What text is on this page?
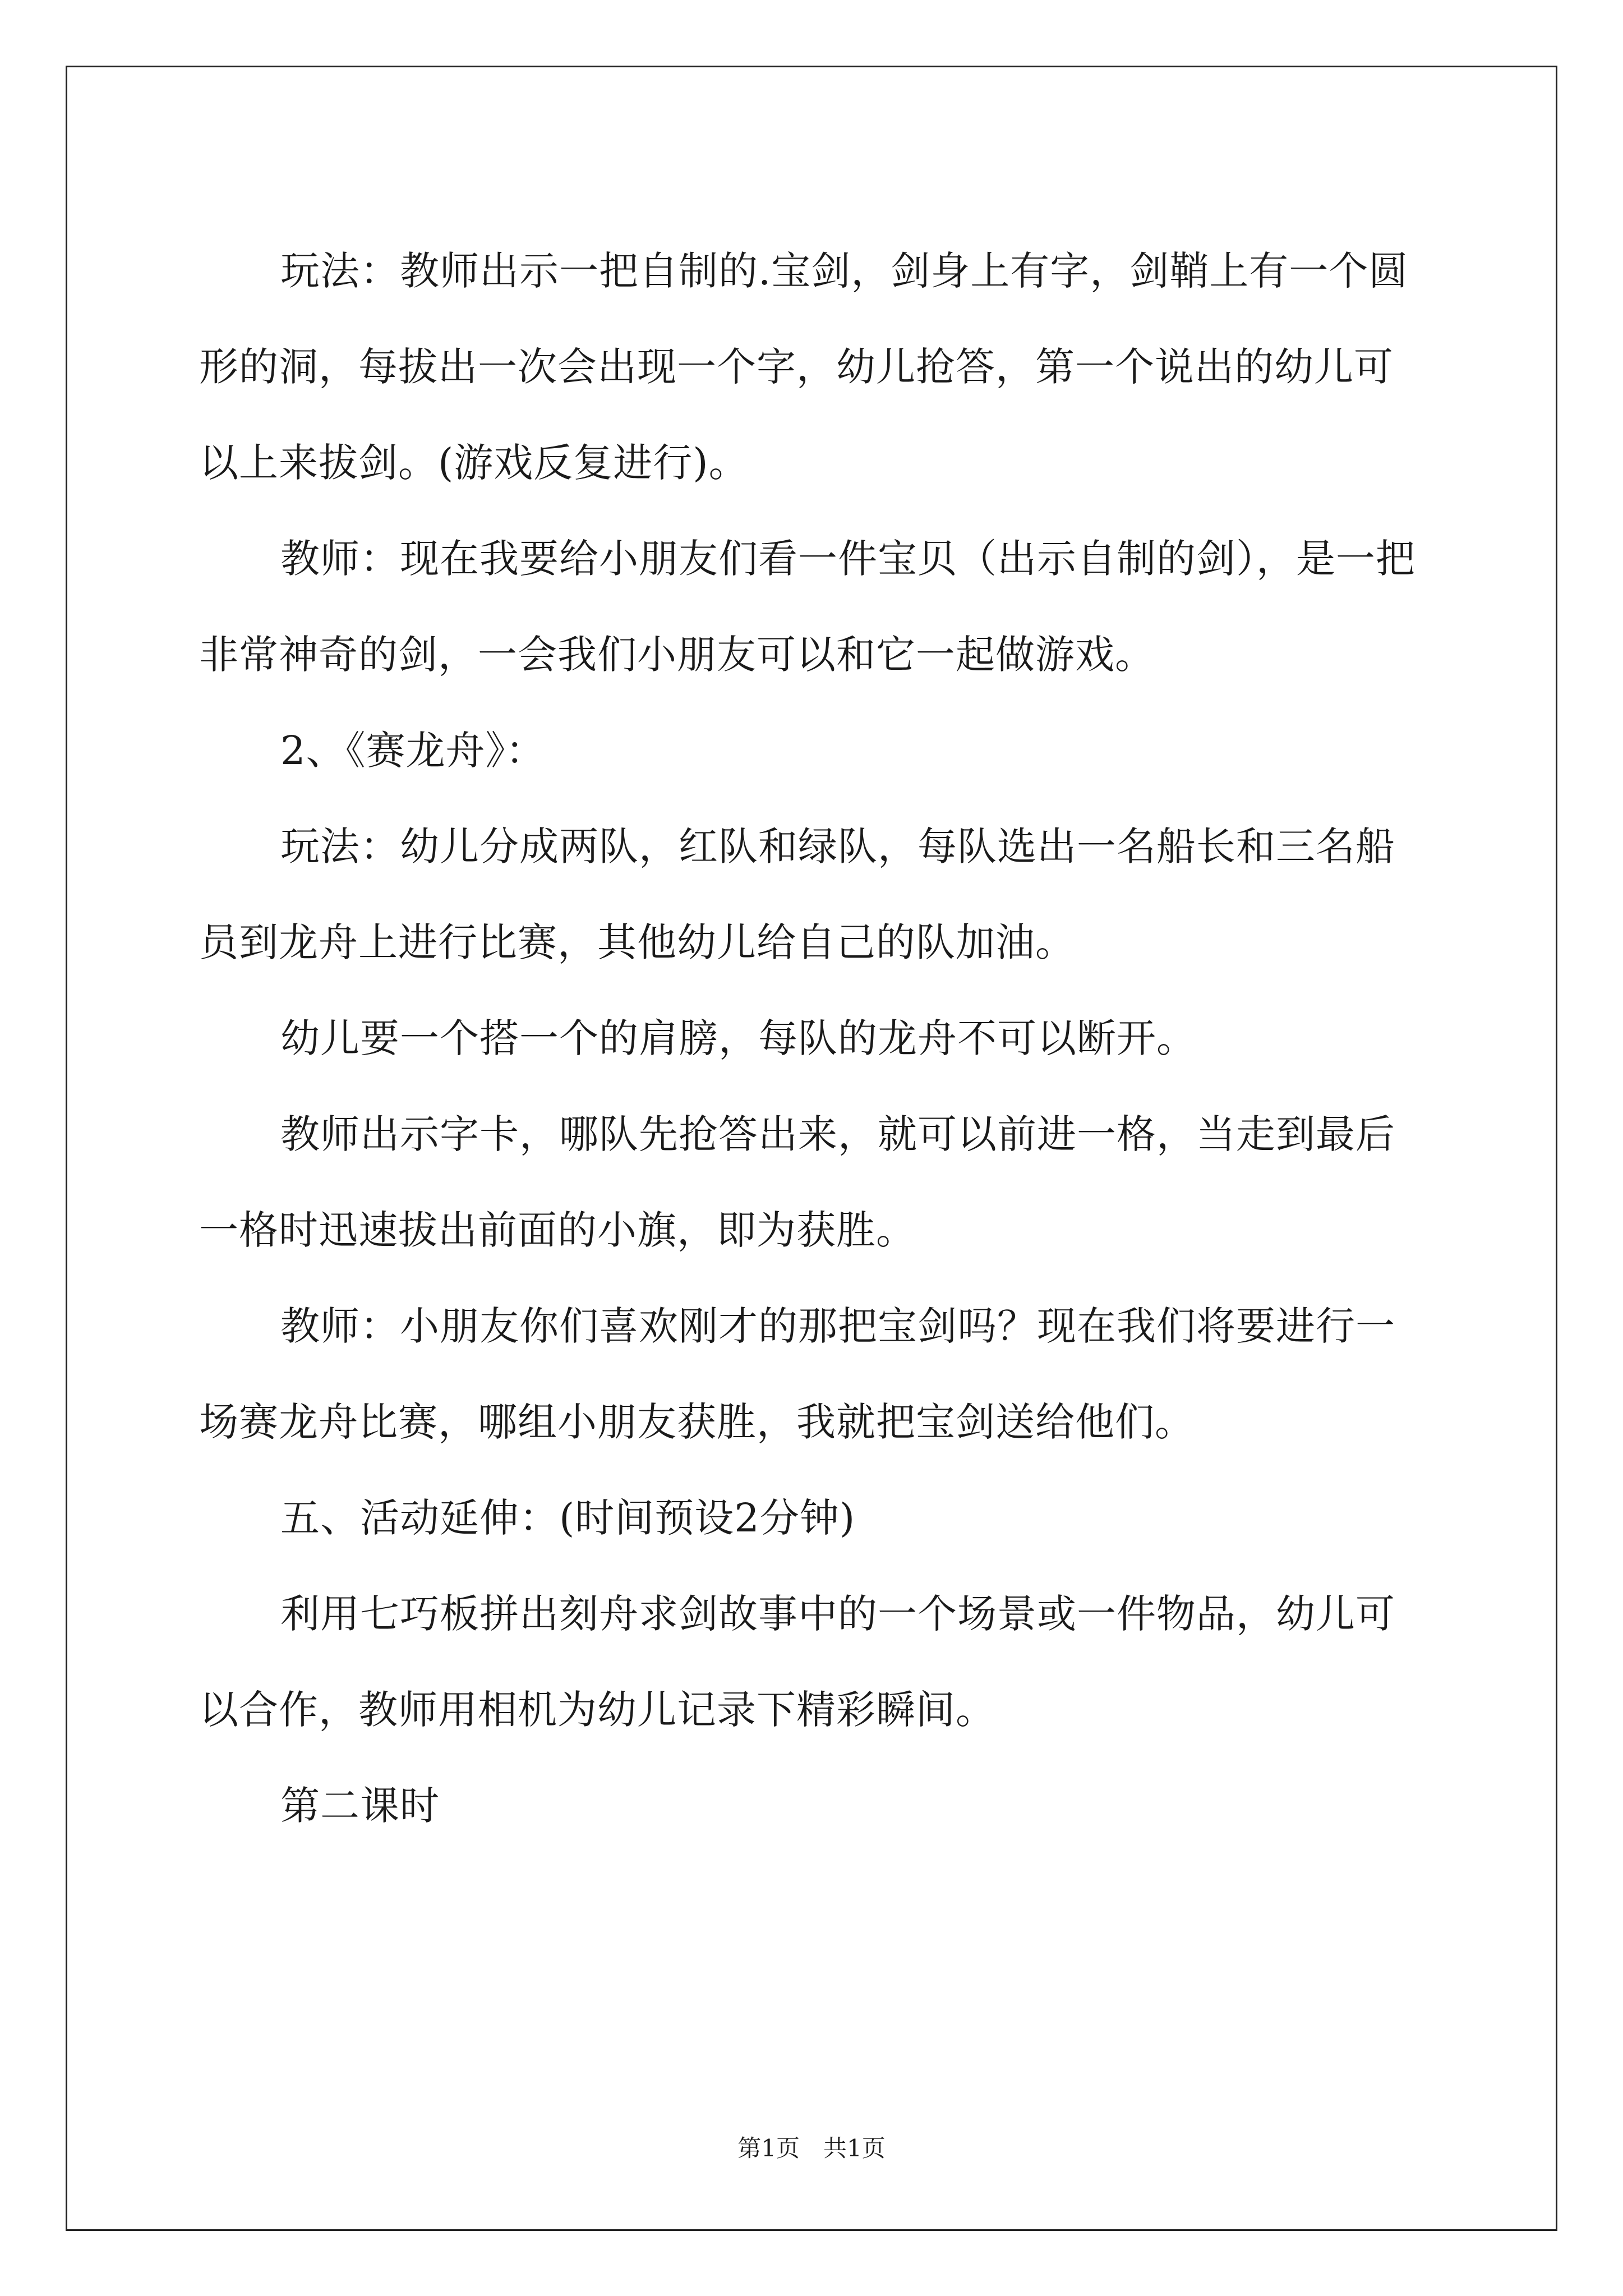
玩法：教师出示一把自制的.宝剑，剑身上有字，剑鞘上有一个圆形的洞，每拔出一次会出现一个字，幼儿抢答，第一个说出的幼儿可以上来拔剑。(游戏反复进行)。

教师：现在我要给小朋友们看一件宝贝（出示自制的剑），是一把非常神奇的剑，一会我们小朋友可以和它一起做游戏。

2、《赛龙舟》：

玩法：幼儿分成两队，红队和绿队，每队选出一名船长和三名船员到龙舟上进行比赛，其他幼儿给自己的队加油。

幼儿要一个搭一个的肩膀，每队的龙舟不可以断开。

教师出示字卡，哪队先抢答出来，就可以前进一格，当走到最后一格时迅速拔出前面的小旗，即为获胜。

教师：小朋友你们喜欢刚才的那把宝剑吗？现在我们将要进行一场赛龙舟比赛，哪组小朋友获胜，我就把宝剑送给他们。

五、活动延伸：(时间预设2分钟)

利用七巧板拼出刻舟求剑故事中的一个场景或一件物品，幼儿可以合作，教师用相机为幼儿记录下精彩瞬间。

第二课时

第1页　共1页
